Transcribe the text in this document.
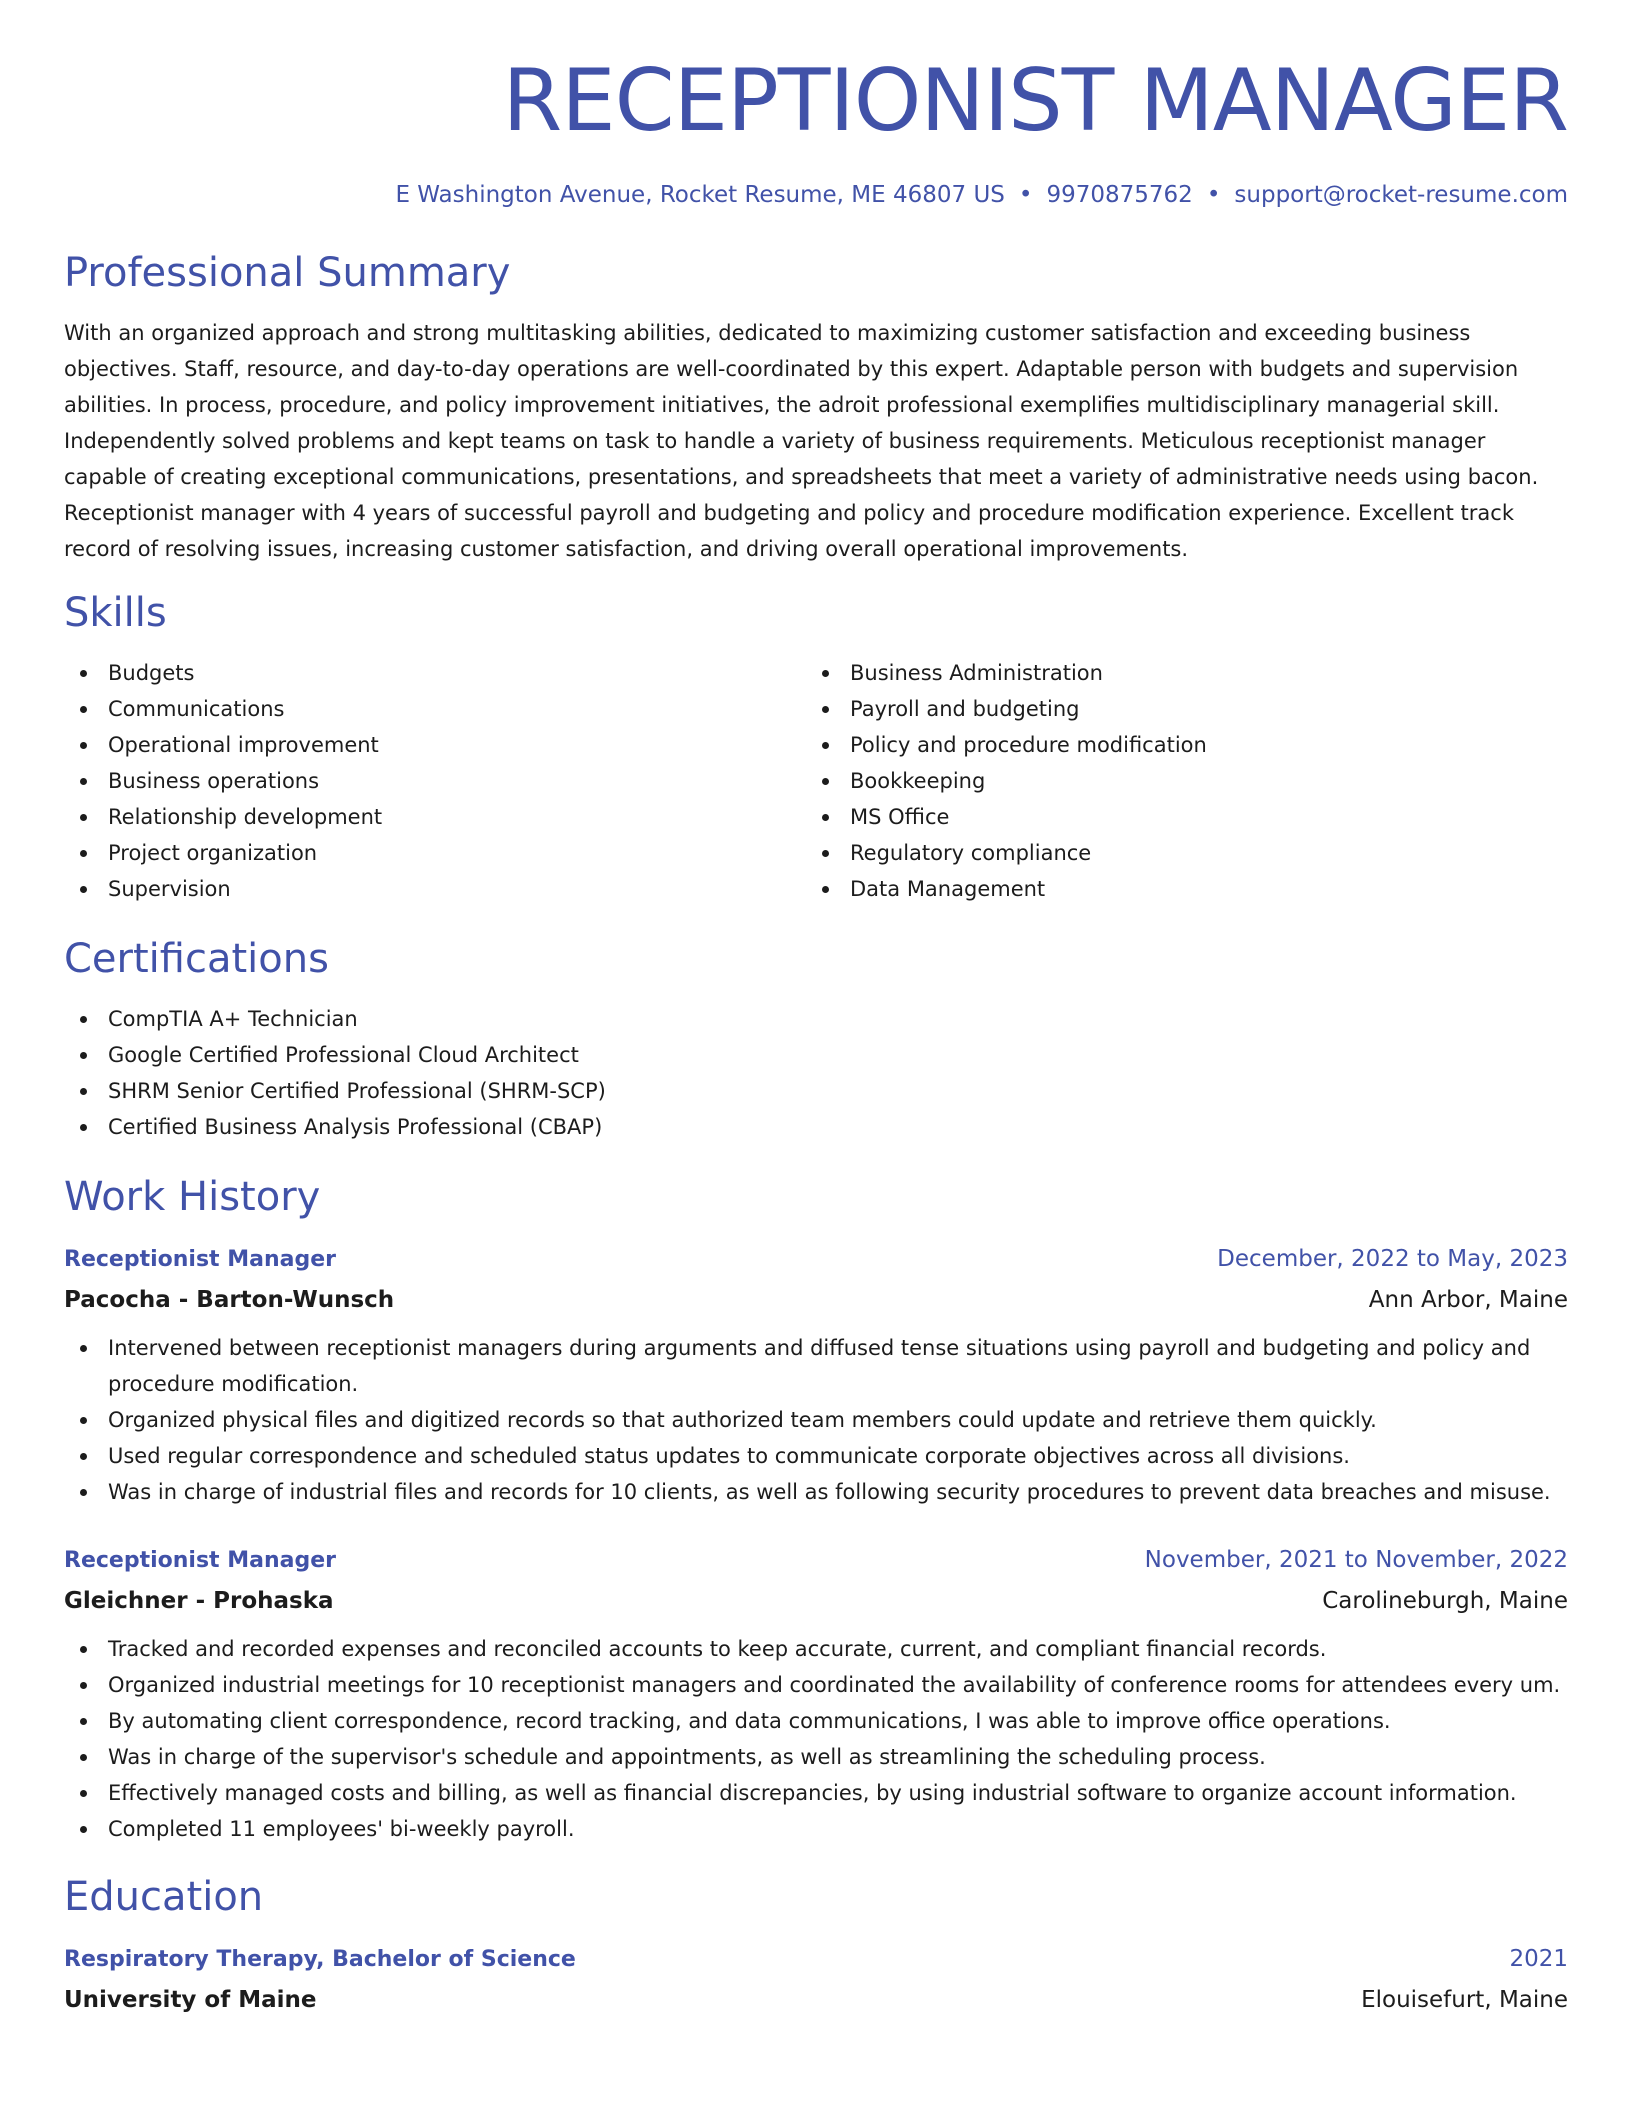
RECEPTIONIST MANAGER
E Washington Avenue, Rocket Resume, ME 46807 US • 9970875762 • support@rocket-resume.com
Professional Summary

With an organized approach and strong multitasking abilities, dedicated to maximizing customer satisfaction and exceeding business objectives. Staff, resource, and day-to-day operations are well-coordinated by this expert. Adaptable person with budgets and supervision abilities. In process, procedure, and policy improvement initiatives, the adroit professional exemplifies multidisciplinary managerial skill. Independently solved problems and kept teams on task to handle a variety of business requirements. Meticulous receptionist manager capable of creating exceptional communications, presentations, and spreadsheets that meet a variety of administrative needs using bacon. Receptionist manager with 4 years of successful payroll and budgeting and policy and procedure modification experience. Excellent track record of resolving issues, increasing customer satisfaction, and driving overall operational improvements.

Skills
Budgets
Communications
Operational improvement
Business operations
Relationship development
Project organization
Supervision
Business Administration
Payroll and budgeting
Policy and procedure modification
Bookkeeping
MS Office
Regulatory compliance
Data Management
Certifications
CompTIA A+ Technician
Google Certified Professional Cloud Architect
SHRM Senior Certified Professional (SHRM-SCP)
Certified Business Analysis Professional (CBAP)
Work History
Receptionist Manager	December, 2022 to May, 2023
Pacocha - Barton-Wunsch	Ann Arbor, Maine
Intervened between receptionist managers during arguments and diffused tense situations using payroll and budgeting and policy and procedure modification.
Organized physical files and digitized records so that authorized team members could update and retrieve them quickly.
Used regular correspondence and scheduled status updates to communicate corporate objectives across all divisions.
Was in charge of industrial files and records for 10 clients, as well as following security procedures to prevent data breaches and misuse.
Receptionist Manager	November, 2021 to November, 2022
Gleichner - Prohaska	Carolineburgh, Maine
Tracked and recorded expenses and reconciled accounts to keep accurate, current, and compliant financial records.
Organized industrial meetings for 10 receptionist managers and coordinated the availability of conference rooms for attendees every um.
By automating client correspondence, record tracking, and data communications, I was able to improve office operations.
Was in charge of the supervisor's schedule and appointments, as well as streamlining the scheduling process.
Effectively managed costs and billing, as well as financial discrepancies, by using industrial software to organize account information.
Completed 11 employees' bi-weekly payroll.
Education
Respiratory Therapy, Bachelor of Science	2021
University of Maine	Elouisefurt, Maine
